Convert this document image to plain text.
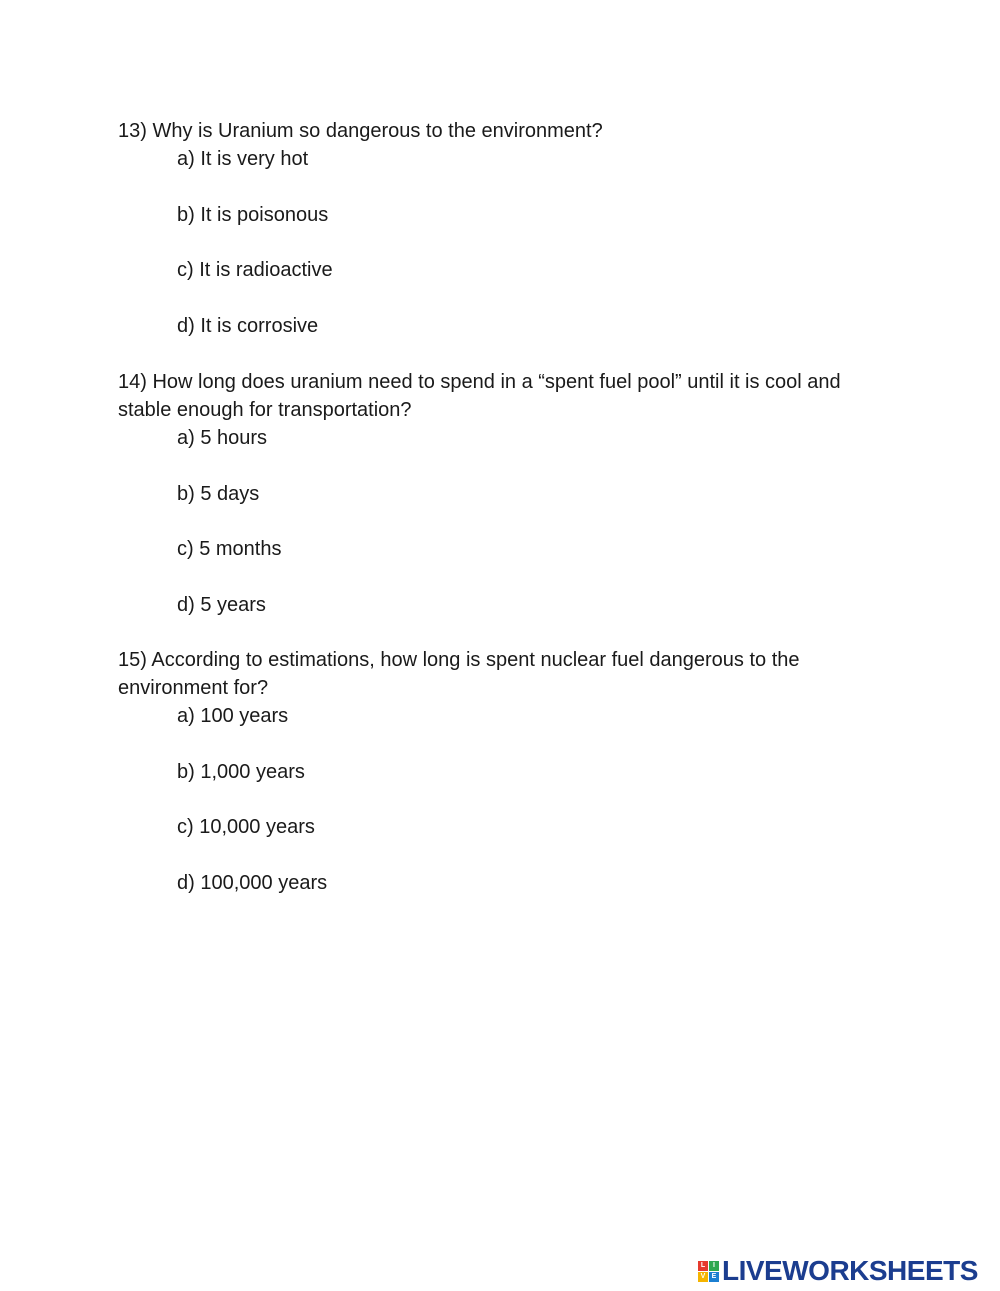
13) Why is Uranium so dangerous to the environment?

a) It is very hot
b) It is poisonous
c) It is radioactive
d) It is corrosive

14) How long does uranium need to spend in a “spent fuel pool” until it is cool and stable enough for transportation?

a) 5 hours
b) 5 days
c) 5 months
d) 5 years

15) According to estimations, how long is spent nuclear fuel dangerous to the environment for?

a) 100 years
b) 1,000 years
c) 10,000 years
d) 100,000 years
L	I
V E LIVEWORKSHEETS
